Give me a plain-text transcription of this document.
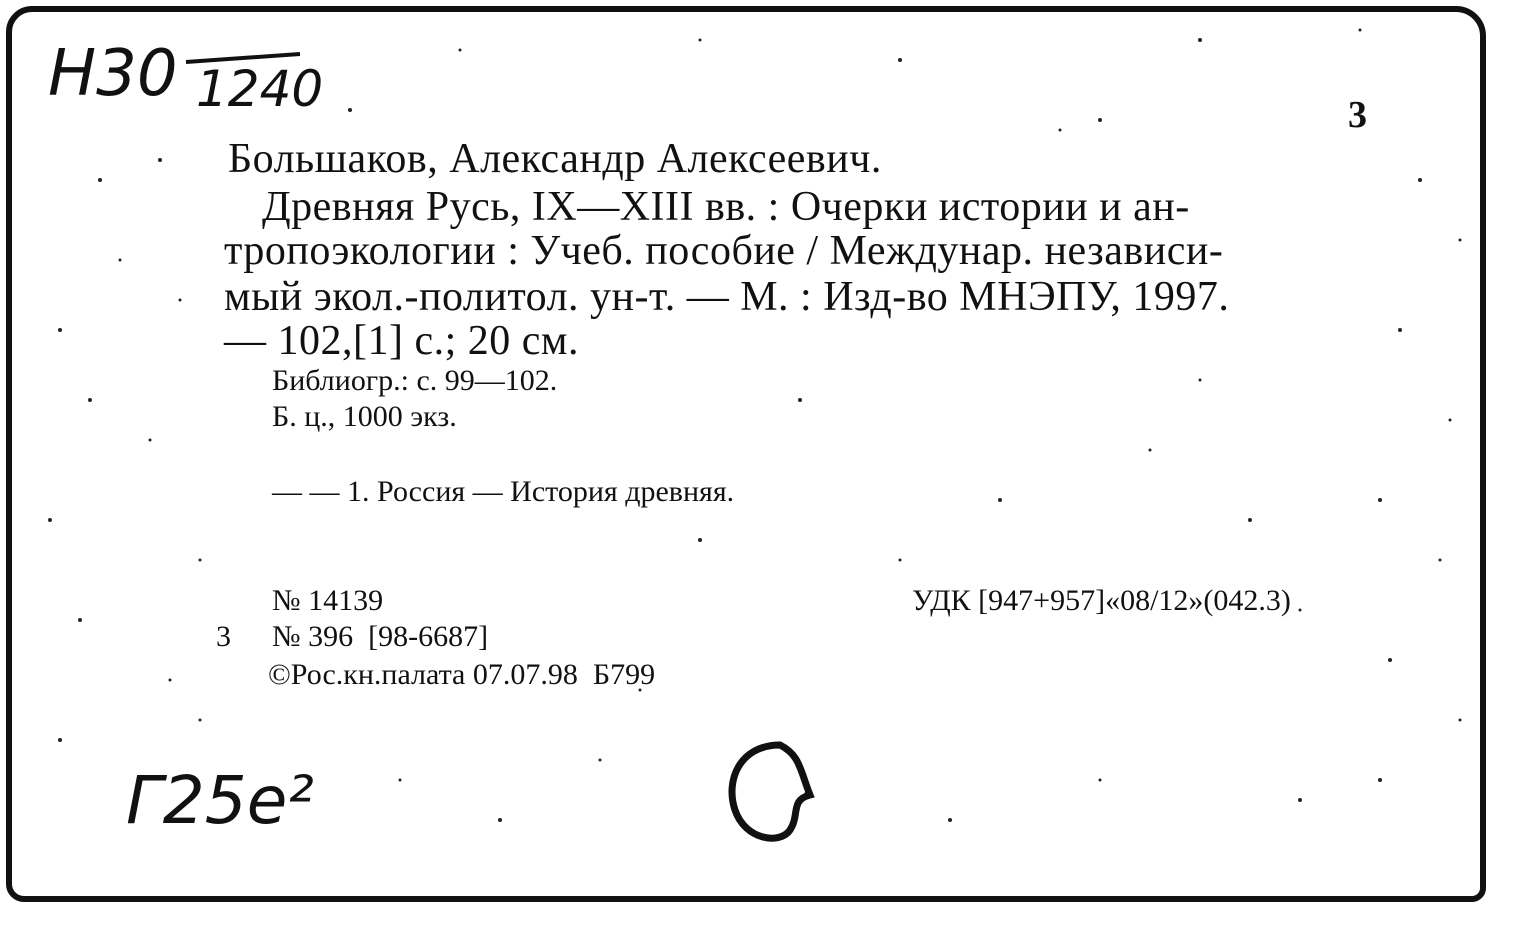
Н30 1240	3
Большаков, Александр Алексеевич.
Древняя Русь, IX—XIII вв. : Очерки истории и ан-
тропоэкологии : Учеб. пособие / Междунар. независи-
мый экол.-политол. ун-т. — М. : Изд-во МНЭПУ, 1997.
— 102,[1] с.; 20 см.
Библиогр.: с. 99—102.
Б. ц., 1000 экз.
— — 1. Россия — История древняя.
№ 14139	УДК [947+957]«08/12»(042.3)
3 № 396  [98-6687]
©Рос.кн.палата 07.07.98  Б799
Г25е²
